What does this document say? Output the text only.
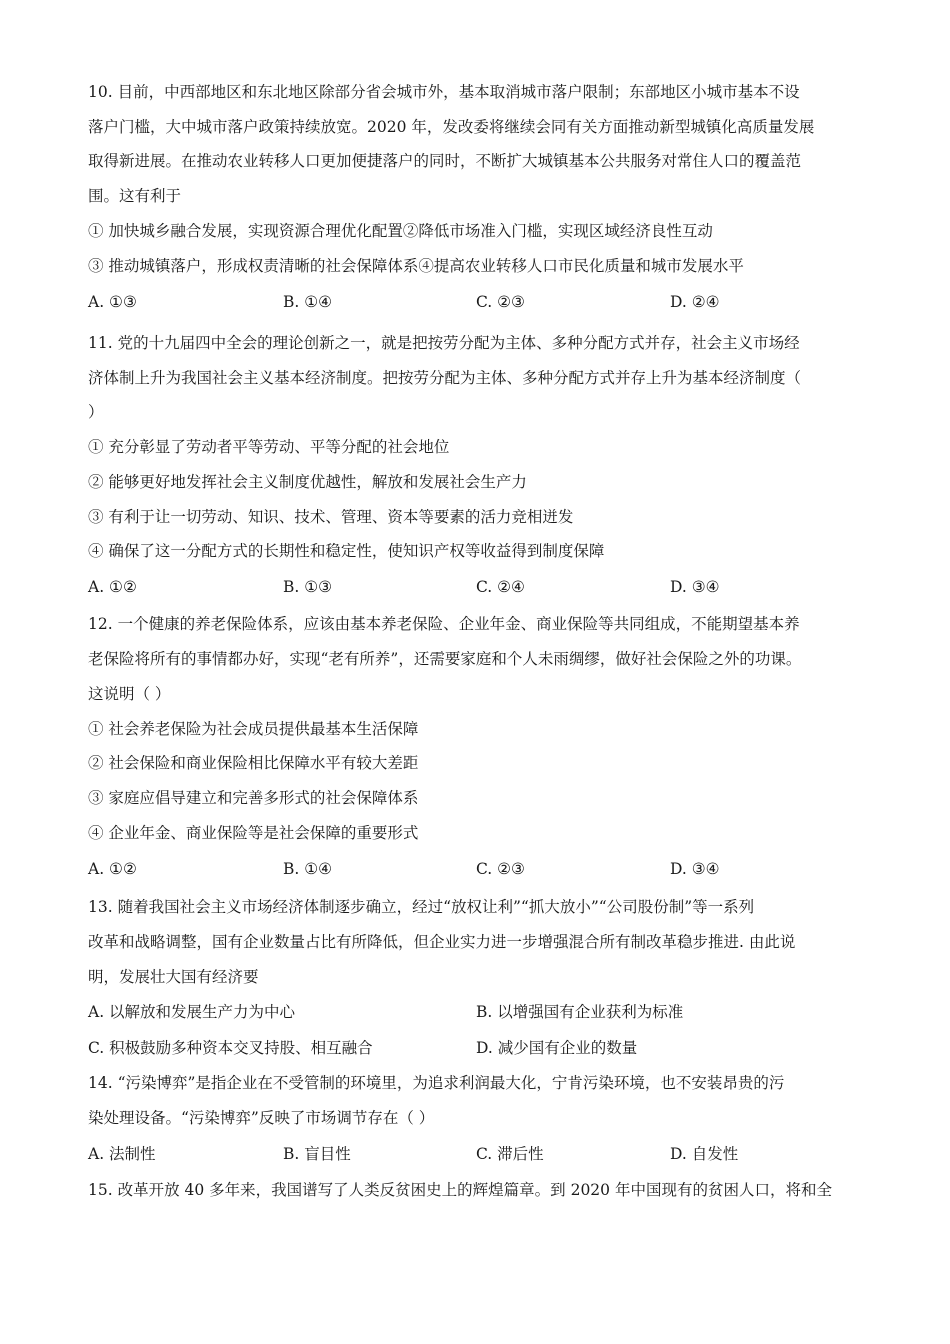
10. 目前，中西部地区和东北地区除部分省会城市外，基本取消城市落户限制；东部地区小城市基本不设
落户门槛，大中城市落户政策持续放宽。2020 年，发改委将继续会同有关方面推动新型城镇化高质量发展
取得新进展。在推动农业转移人口更加便捷落户的同时，不断扩大城镇基本公共服务对常住人口的覆盖范
围。这有利于
① 加快城乡融合发展，实现资源合理优化配置②降低市场准入门槛，实现区域经济良性互动
③ 推动城镇落户，形成权责清晰的社会保障体系④提高农业转移人口市民化质量和城市发展水平
A. ①③	B. ①④	C. ②③	D. ②④
11. 党的十九届四中全会的理论创新之一，就是把按劳分配为主体、多种分配方式并存，社会主义市场经
济体制上升为我国社会主义基本经济制度。把按劳分配为主体、多种分配方式并存上升为基本经济制度（
）
① 充分彰显了劳动者平等劳动、平等分配的社会地位
② 能够更好地发挥社会主义制度优越性，解放和发展社会生产力
③ 有利于让一切劳动、知识、技术、管理、资本等要素的活力竞相迸发
④ 确保了这一分配方式的长期性和稳定性，使知识产权等收益得到制度保障
A. ①②	B. ①③	C. ②④	D. ③④
12. 一个健康的养老保险体系，应该由基本养老保险、企业年金、商业保险等共同组成，不能期望基本养
老保险将所有的事情都办好，实现“老有所养”，还需要家庭和个人未雨绸缪，做好社会保险之外的功课。
这说明（ ）
① 社会养老保险为社会成员提供最基本生活保障
② 社会保险和商业保险相比保障水平有较大差距
③ 家庭应倡导建立和完善多形式的社会保障体系
④ 企业年金、商业保险等是社会保障的重要形式
A. ①②	B. ①④	C. ②③	D. ③④
13. 随着我国社会主义市场经济体制逐步确立，经过“放权让利”“抓大放小”“公司股份制”等一系列
改革和战略调整，国有企业数量占比有所降低，但企业实力进一步增强混合所有制改革稳步推进. 由此说
明，发展壮大国有经济要
A. 以解放和发展生产力为中心	B. 以增强国有企业获利为标准
C. 积极鼓励多种资本交叉持股、相互融合	D. 减少国有企业的数量
14. “污染博弈”是指企业在不受管制的环境里，为追求利润最大化，宁肯污染环境，也不安装昂贵的污
染处理设备。“污染博弈”反映了市场调节存在（ ）
A. 法制性	B. 盲目性	C. 滞后性	D. 自发性
15. 改革开放 40 多年来，我国谱写了人类反贫困史上的辉煌篇章。到 2020 年中国现有的贫困人口，将和全
